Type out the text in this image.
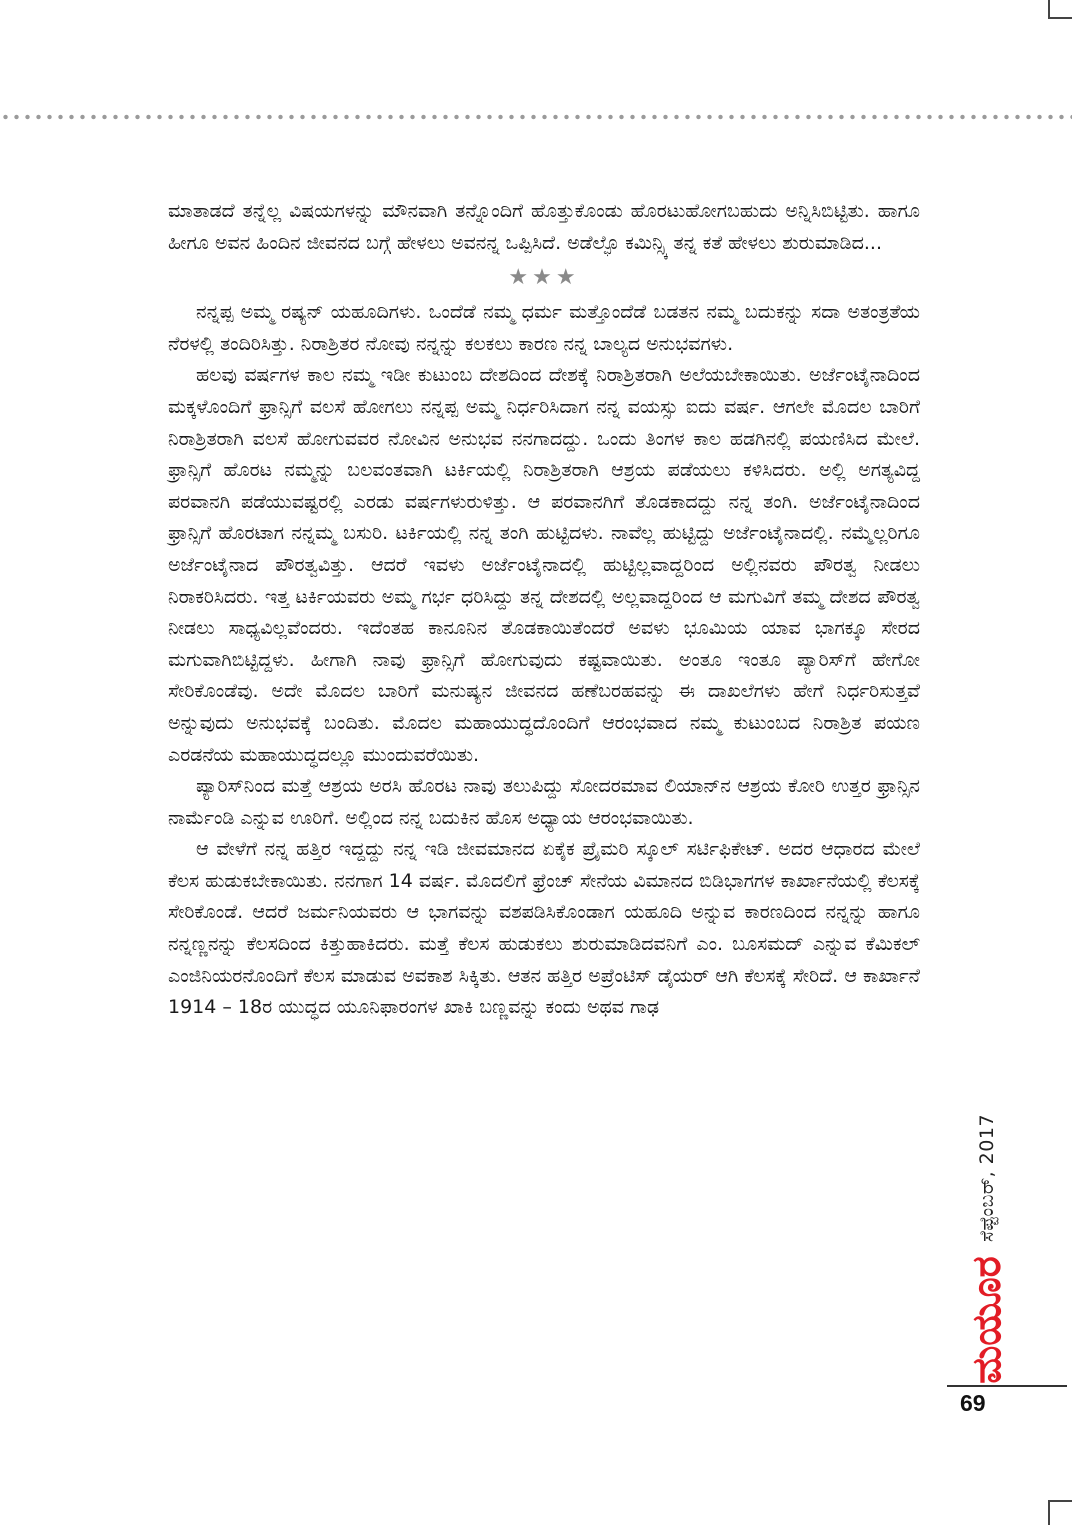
ಮಾತಾಡದೆ ತನ್ನೆಲ್ಲ ವಿಷಯಗಳನ್ನು ಮೌನವಾಗಿ ತನ್ನೊಂದಿಗೆ ಹೊತ್ತುಕೊಂಡು ಹೊರಟುಹೋಗಬಹುದು ಅನ್ನಿಸಿಬಿಟ್ಟಿತು. ಹಾಗೂ ಹೀಗೂ ಅವನ ಹಿಂದಿನ ಜೀವನದ ಬಗ್ಗೆ ಹೇಳಲು ಅವನನ್ನ ಒಪ್ಪಿಸಿದೆ. ಅಡೆಲ್ಫೊ ಕಮಿನ್ಸ್ಕಿ ತನ್ನ ಕತೆ ಹೇಳಲು ಶುರುಮಾಡಿದ...

★★★

ನನ್ನಪ್ಪ ಅಮ್ಮ ರಷ್ಯನ್ ಯಹೂದಿಗಳು. ಒಂದೆಡೆ ನಮ್ಮ ಧರ್ಮ ಮತ್ತೊಂದೆಡೆ ಬಡತನ ನಮ್ಮ ಬದುಕನ್ನು ಸದಾ ಅತಂತ್ರತೆಯ ನೆರಳಲ್ಲಿ ತಂದಿರಿಸಿತ್ತು. ನಿರಾಶ್ರಿತರ ನೋವು ನನ್ನನ್ನು ಕಲಕಲು ಕಾರಣ ನನ್ನ ಬಾಲ್ಯದ ಅನುಭವಗಳು.

ಹಲವು ವರ್ಷಗಳ ಕಾಲ ನಮ್ಮ ಇಡೀ ಕುಟುಂಬ ದೇಶದಿಂದ ದೇಶಕ್ಕೆ ನಿರಾಶ್ರಿತರಾಗಿ ಅಲೆಯಬೇಕಾಯಿತು. ಅರ್ಜೆಂಟೈನಾದಿಂದ ಮಕ್ಕಳೊಂದಿಗೆ ಫ್ರಾನ್ಸಿಗೆ ವಲಸೆ ಹೋಗಲು ನನ್ನಪ್ಪ ಅಮ್ಮ ನಿರ್ಧರಿಸಿದಾಗ ನನ್ನ ವಯಸ್ಸು ಐದು ವರ್ಷ. ಆಗಲೇ ಮೊದಲ ಬಾರಿಗೆ ನಿರಾಶ್ರಿತರಾಗಿ ವಲಸೆ ಹೋಗುವವರ ನೋವಿನ ಅನುಭವ ನನಗಾದದ್ದು. ಒಂದು ತಿಂಗಳ ಕಾಲ ಹಡಗಿನಲ್ಲಿ ಪಯಣಿಸಿದ ಮೇಲೆ. ಫ್ರಾನ್ಸಿಗೆ ಹೊರಟ ನಮ್ಮನ್ನು ಬಲವಂತವಾಗಿ ಟರ್ಕಿಯಲ್ಲಿ ನಿರಾಶ್ರಿತರಾಗಿ ಆಶ್ರಯ ಪಡೆಯಲು ಕಳಿಸಿದರು. ಅಲ್ಲಿ ಅಗತ್ಯವಿದ್ದ ಪರವಾನಗಿ ಪಡೆಯುವಷ್ಟರಲ್ಲಿ ಎರಡು ವರ್ಷಗಳುರುಳಿತ್ತು. ಆ ಪರವಾನಗಿಗೆ ತೊಡಕಾದದ್ದು ನನ್ನ ತಂಗಿ. ಅರ್ಜೆಂಟೈನಾದಿಂದ ಫ್ರಾನ್ಸಿಗೆ ಹೊರಟಾಗ ನನ್ನಮ್ಮ ಬಸುರಿ. ಟರ್ಕಿಯಲ್ಲಿ ನನ್ನ ತಂಗಿ ಹುಟ್ಟಿದಳು. ನಾವೆಲ್ಲ ಹುಟ್ಟಿದ್ದು ಅರ್ಜೆಂಟೈನಾದಲ್ಲಿ. ನಮ್ಮೆಲ್ಲರಿಗೂ ಅರ್ಜೆಂಟೈನಾದ ಪೌರತ್ವವಿತ್ತು. ಆದರೆ ಇವಳು ಅರ್ಜೆಂಟೈನಾದಲ್ಲಿ ಹುಟ್ಟಿಲ್ಲವಾದ್ದರಿಂದ ಅಲ್ಲಿನವರು ಪೌರತ್ವ ನೀಡಲು ನಿರಾಕರಿಸಿದರು. ಇತ್ತ ಟರ್ಕಿಯವರು ಅಮ್ಮ ಗರ್ಭ ಧರಿಸಿದ್ದು ತನ್ನ ದೇಶದಲ್ಲಿ ಅಲ್ಲವಾದ್ದರಿಂದ ಆ ಮಗುವಿಗೆ ತಮ್ಮ ದೇಶದ ಪೌರತ್ವ ನೀಡಲು ಸಾಧ್ಯವಿಲ್ಲವೆಂದರು. ಇದೆಂತಹ ಕಾನೂನಿನ ತೊಡಕಾಯಿತೆಂದರೆ ಅವಳು ಭೂಮಿಯ ಯಾವ ಭಾಗಕ್ಕೂ ಸೇರದ ಮಗುವಾಗಿಬಿಟ್ಟಿದ್ದಳು. ಹೀಗಾಗಿ ನಾವು ಫ್ರಾನ್ಸಿಗೆ ಹೋಗುವುದು ಕಷ್ಟವಾಯಿತು. ಅಂತೂ ಇಂತೂ ಪ್ಯಾರಿಸ್‌ಗೆ ಹೇಗೋ ಸೇರಿಕೊಂಡೆವು. ಅದೇ ಮೊದಲ ಬಾರಿಗೆ ಮನುಷ್ಯನ ಜೀವನದ ಹಣೆಬರಹವನ್ನು ಈ ದಾಖಲೆಗಳು ಹೇಗೆ ನಿರ್ಧರಿಸುತ್ತವೆ ಅನ್ನುವುದು ಅನುಭವಕ್ಕೆ ಬಂದಿತು. ಮೊದಲ ಮಹಾಯುದ್ಧದೊಂದಿಗೆ ಆರಂಭವಾದ ನಮ್ಮ ಕುಟುಂಬದ ನಿರಾಶ್ರಿತ ಪಯಣ ಎರಡನೆಯ ಮಹಾಯುದ್ಧದಲ್ಲೂ ಮುಂದುವರೆಯಿತು.

ಪ್ಯಾರಿಸ್‌ನಿಂದ ಮತ್ತೆ ಆಶ್ರಯ ಅರಸಿ ಹೊರಟ ನಾವು ತಲುಪಿದ್ದು ಸೋದರಮಾವ ಲಿಯಾನ್‌ನ ಆಶ್ರಯ ಕೋರಿ ಉತ್ತರ ಫ್ರಾನ್ಸಿನ ನಾರ್ಮೆಂಡಿ ಎನ್ನುವ ಊರಿಗೆ. ಅಲ್ಲಿಂದ ನನ್ನ ಬದುಕಿನ ಹೊಸ ಅಧ್ಯಾಯ ಆರಂಭವಾಯಿತು.

ಆ ವೇಳೆಗೆ ನನ್ನ ಹತ್ತಿರ ಇದ್ದದ್ದು ನನ್ನ ಇಡಿ ಜೀವಮಾನದ ಏಕೈಕ ಪ್ರೈಮರಿ ಸ್ಕೂಲ್ ಸರ್ಟಿಫಿಕೇಟ್. ಅದರ ಆಧಾರದ ಮೇಲೆ ಕೆಲಸ ಹುಡುಕಬೇಕಾಯಿತು. ನನಗಾಗ 14 ವರ್ಷ. ಮೊದಲಿಗೆ ಫ್ರೆಂಚ್ ಸೇನೆಯ ವಿಮಾನದ ಬಿಡಿಭಾಗಗಳ ಕಾರ್ಖಾನೆಯಲ್ಲಿ ಕೆಲಸಕ್ಕೆ ಸೇರಿಕೊಂಡೆ. ಆದರೆ ಜರ್ಮನಿಯವರು ಆ ಭಾಗವನ್ನು ವಶಪಡಿಸಿಕೊಂಡಾಗ ಯಹೂದಿ ಅನ್ನುವ ಕಾರಣದಿಂದ ನನ್ನನ್ನು ಹಾಗೂ ನನ್ನಣ್ಣನನ್ನು ಕೆಲಸದಿಂದ ಕಿತ್ತುಹಾಕಿದರು. ಮತ್ತೆ ಕೆಲಸ ಹುಡುಕಲು ಶುರುಮಾಡಿದವನಿಗೆ ಎಂ. ಬೂಸಮದ್ ಎನ್ನುವ ಕೆಮಿಕಲ್ ಎಂಜಿನಿಯರನೊಂದಿಗೆ ಕೆಲಸ ಮಾಡುವ ಅವಕಾಶ ಸಿಕ್ಕಿತು. ಆತನ ಹತ್ತಿರ ಅಪ್ರೆಂಟಿಸ್ ಡೈಯರ್ ಆಗಿ ಕೆಲಸಕ್ಕೆ ಸೇರಿದೆ. ಆ ಕಾರ್ಖಾನೆ 1914 – 18ರ ಯುದ್ಧದ ಯೂನಿಫಾರಂಗಳ ಖಾಕಿ ಬಣ್ಣವನ್ನು ಕಂದು ಅಥವ ಗಾಢ

ಸೆಪ್ಟೆಂಬರ್, 2017
ಮಯೂರ
69
